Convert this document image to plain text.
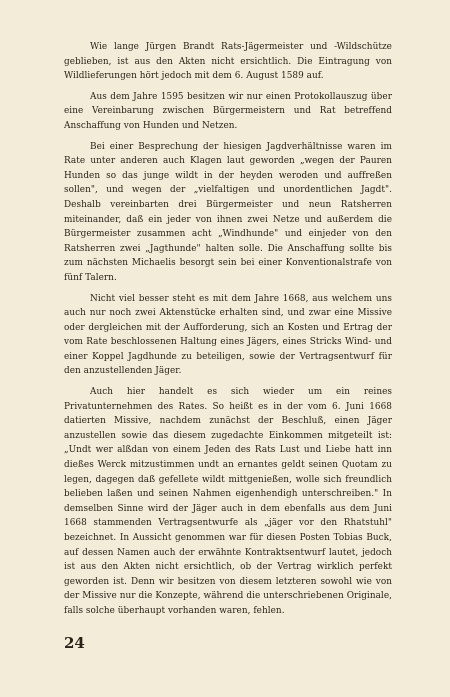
Wie lange Jürgen Brandt Rats-Jägermeister und -Wildschütze geblieben, ist aus den Akten nicht ersichtlich. Die Eintragung von Wildlieferungen hört jedoch mit dem 6. August 1589 auf.

Aus dem Jahre 1595 besitzen wir nur einen Protokollauszug über eine Vereinbarung zwischen Bürgermeistern und Rat betreffend Anschaffung von Hunden und Netzen.

Bei einer Besprechung der hiesigen Jagdverhältnisse waren im Rate unter anderen auch Klagen laut geworden „wegen der Pauren Hunden so das junge wildt in der heyden weroden und auffreßen sollen", und wegen der „vielfaltigen und unordentlichen Jagdt". Deshalb vereinbarten drei Bürgermeister und neun Ratsherren miteinander, daß ein jeder von ihnen zwei Netze und außerdem die Bürgermeister zusammen acht „Windhunde" und einjeder von den Ratsherren zwei „Jagthunde" halten solle. Die Anschaffung sollte bis zum nächsten Michaelis besorgt sein bei einer Konventionalstrafe von fünf Talern.

Nicht viel besser steht es mit dem Jahre 1668, aus welchem uns auch nur noch zwei Aktenstücke erhalten sind, und zwar eine Missive oder dergleichen mit der Aufforderung, sich an Kosten und Ertrag der vom Rate beschlossenen Haltung eines Jägers, eines Stricks Wind- und einer Koppel Jagdhunde zu beteiligen, sowie der Vertragsentwurf für den anzustellenden Jäger.

Auch hier handelt es sich wieder um ein reines Privatunternehmen des Rates. So heißt es in der vom 6. Juni 1668 datierten Missive, nachdem zunächst der Beschluß, einen Jäger anzustellen sowie das diesem zugedachte Einkommen mitgeteilt ist: „Undt wer alßdan von einem Jeden des Rats Lust und Liebe hatt inn dießes Werck mitzustimmen undt an ernantes geldt seinen Quotam zu legen, dagegen daß gefellete wildt mittgenießen, wolle sich freundlich belieben laßen und seinen Nahmen eigenhendigh unterschreiben." In demselben Sinne wird der Jäger auch in dem ebenfalls aus dem Juni 1668 stammenden Vertragsentwurfe als „jäger vor den Rhatstuhl" bezeichnet. In Aussicht genommen war für diesen Posten Tobias Buck, auf dessen Namen auch der erwähnte Kontraktsentwurf lautet, jedoch ist aus den Akten nicht ersichtlich, ob der Vertrag wirklich perfekt geworden ist. Denn wir besitzen von diesem letzteren sowohl wie von der Missive nur die Konzepte, während die unterschriebenen Originale, falls solche überhaupt vorhanden waren, fehlen.

24
